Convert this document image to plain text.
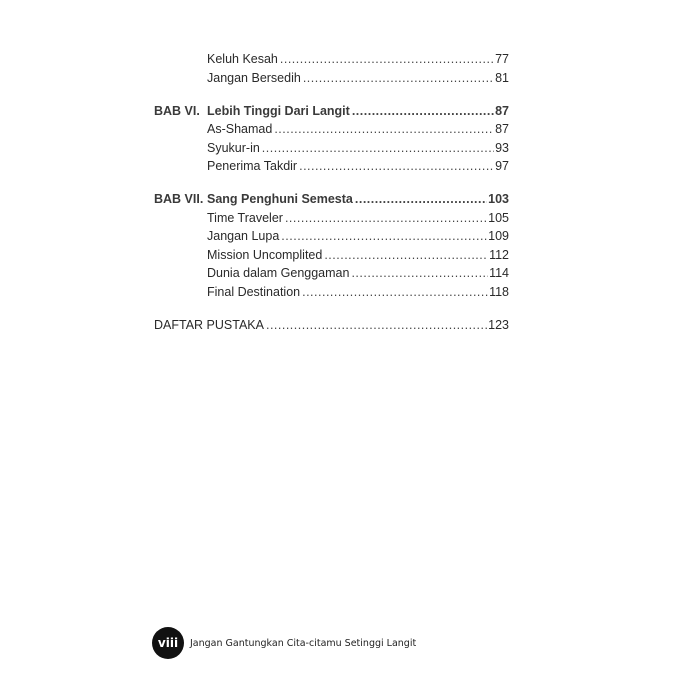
Keluh Kesah .....	77
Jangan Bersedih .....	81
BAB VI. Lebih Tinggi Dari Langit .....	87
As-Shamad .....	87
Syukur-in .....	93
Penerima Takdir .....	97
BAB VII. Sang Penghuni Semesta .....	103
Time Traveler .....	105
Jangan Lupa .....	109
Mission Uncomplited .....	112
Dunia dalam Genggaman .....	114
Final Destination .....	118
DAFTAR PUSTAKA .....	123
viii	Jangan Gantungkan Cita-citamu Setinggi Langit
